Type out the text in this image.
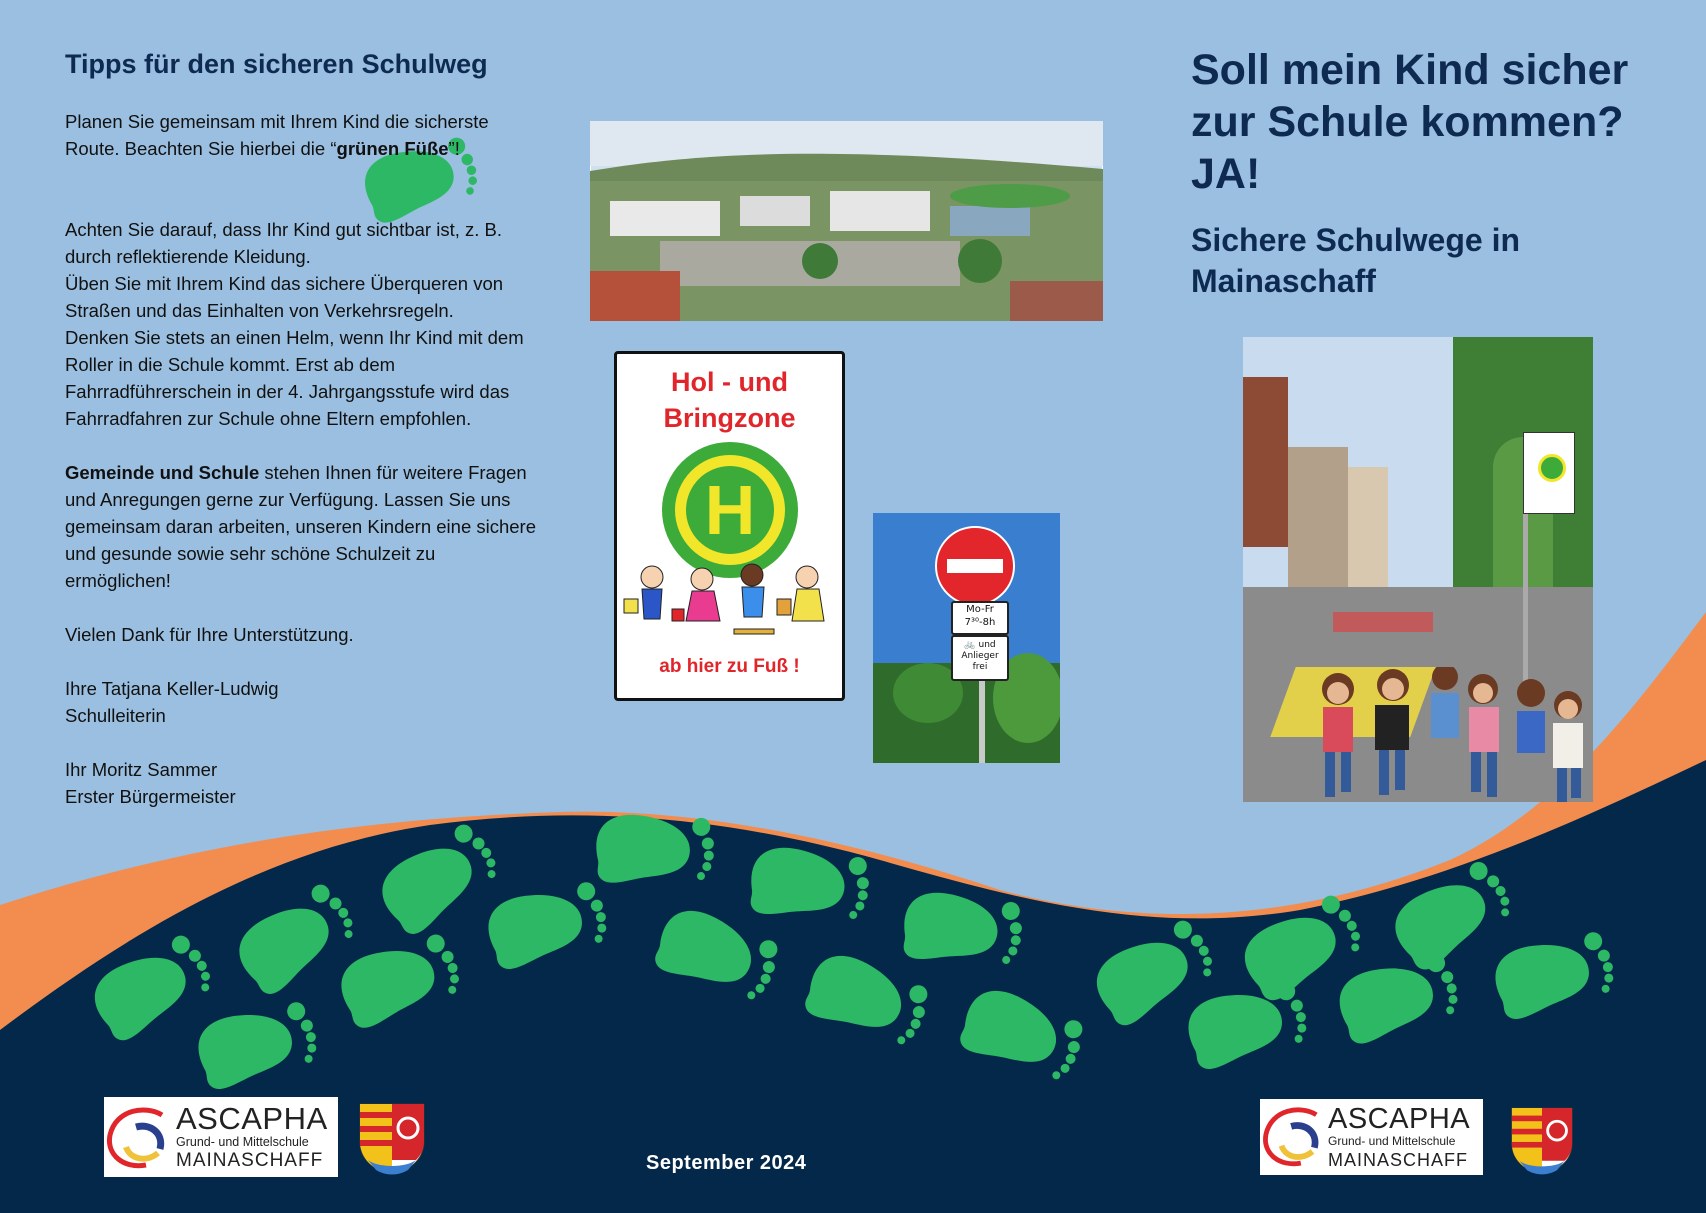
Tipps für den sicheren Schulweg

Planen Sie gemeinsam mit Ihrem Kind die sicherste Route. Beachten Sie hierbei die “grünen Füße”!

Achten Sie darauf, dass Ihr Kind gut sichtbar ist, z. B. durch reflektierende Kleidung.

Üben Sie mit Ihrem Kind das sichere Überqueren von Straßen und das Einhalten von Verkehrsregeln.

Denken Sie stets an einen Helm, wenn Ihr Kind mit dem Roller in die Schule kommt. Erst ab dem Fahrradführerschein in der 4. Jahrgangsstufe wird das Fahrradfahren zur Schule ohne Eltern empfohlen.

Gemeinde und Schule stehen Ihnen für weitere Fragen und Anregungen gerne zur Verfügung. Lassen Sie uns gemeinsam daran arbeiten, unseren Kindern eine sichere und gesunde sowie sehr schöne Schulzeit zu ermöglichen!

Vielen Dank für Ihre Unterstützung.

Ihre Tatjana Keller-Ludwig

Schulleiterin

Ihr Moritz Sammer

Erster Bürgermeister

Soll mein Kind sicher
zur Schule kommen?
JA!
Sichere Schulwege in
Mainaschaff
Hol - und
Bringzone
H
ab hier zu Fuß !
Mo-Fr
7³⁰-8h
🚲 und
Anlieger
frei
ASCAPHA
Grund- und Mittelschule
MAINASCHAFF	September 2024
ASCAPHA
Grund- und Mittelschule
MAINASCHAFF
